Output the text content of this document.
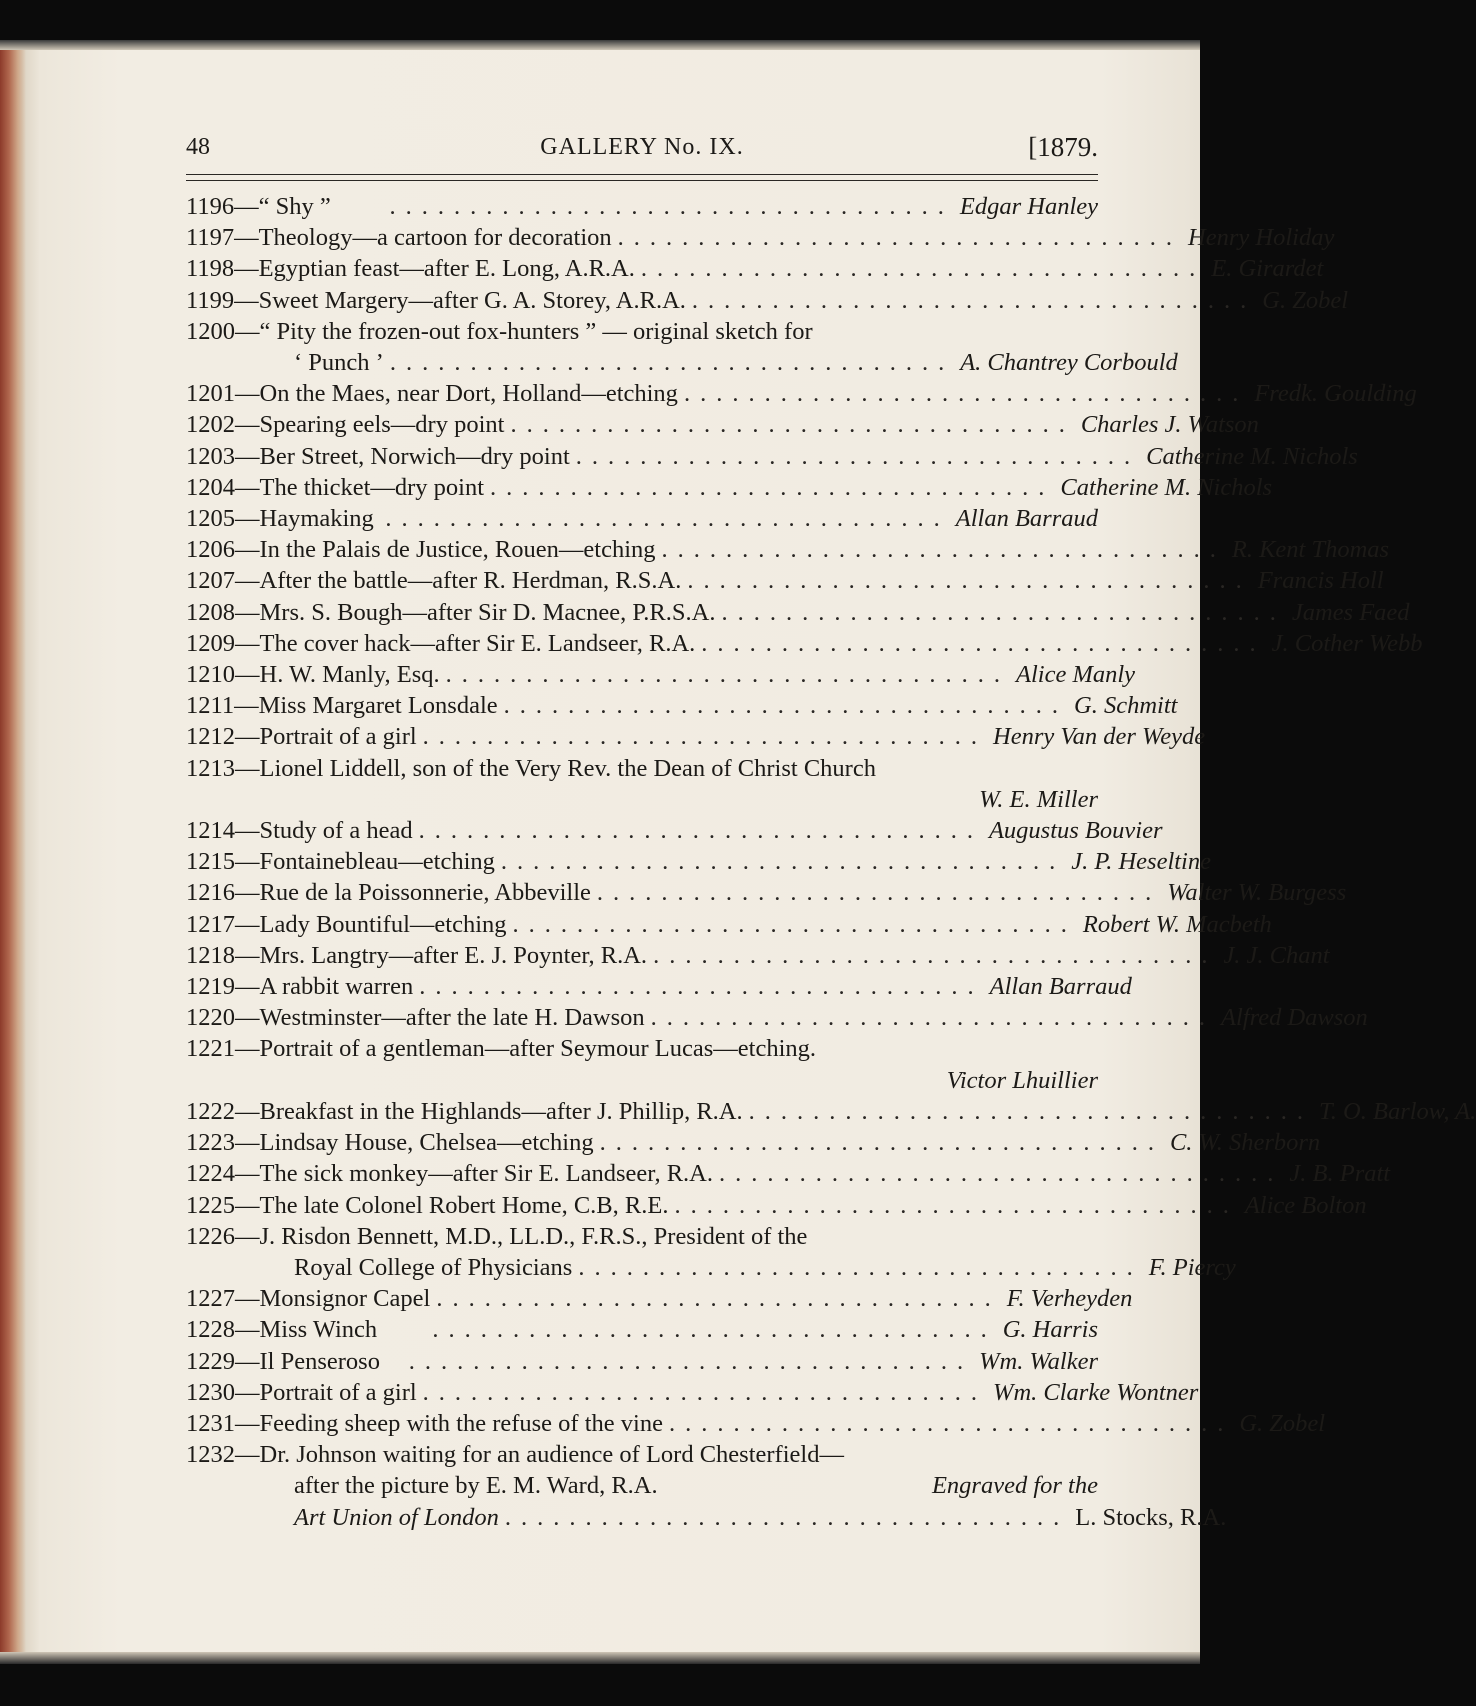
48	GALLERY No. IX.	[1879.
1196—“ Shy ”	................................... Edgar Hanley
1197—Theology—a cartoon for decoration ................................... Henry Holiday
1198—Egyptian feast—after E. Long, A.R.A. ................................... E. Girardet
1199—Sweet Margery—after G. A. Storey, A.R.A. ................................... G. Zobel
1200—“ Pity the frozen-out fox-hunters ” — original sketch for
‘ Punch ’ ................................... A. Chantrey Corbould
1201—On the Maes, near Dort, Holland—etching ................................... Fredk. Goulding
1202—Spearing eels—dry point ................................... Charles J. Watson
1203—Ber Street, Norwich—dry point ................................... Catherine M. Nichols
1204—The thicket—dry point ................................... Catherine M. Nichols
1205—Haymaking ................................... Allan Barraud
1206—In the Palais de Justice, Rouen—etching ................................... R. Kent Thomas
1207—After the battle—after R. Herdman, R.S.A. ................................... Francis Holl
1208—Mrs. S. Bough—after Sir D. Macnee, P.R.S.A. ................................... James Faed
1209—The cover hack—after Sir E. Landseer, R.A. ................................... J. Cother Webb
1210—H. W. Manly, Esq. ................................... Alice Manly
1211—Miss Margaret Lonsdale ................................... G. Schmitt
1212—Portrait of a girl ................................... Henry Van der Weyde
1213—Lionel Liddell, son of the Very Rev. the Dean of Christ Church
W. E. Miller
1214—Study of a head ................................... Augustus Bouvier
1215—Fontainebleau—etching ................................... J. P. Heseltine
1216—Rue de la Poissonnerie, Abbeville ................................... Walter W. Burgess
1217—Lady Bountiful—etching ................................... Robert W. Macbeth
1218—Mrs. Langtry—after E. J. Poynter, R.A. ................................... J. J. Chant
1219—A rabbit warren ................................... Allan Barraud
1220—Westminster—after the late H. Dawson ................................... Alfred Dawson
1221—Portrait of a gentleman—after Seymour Lucas—etching.
Victor Lhuillier
1222—Breakfast in the Highlands—after J. Phillip, R.A. ................................... T. O. Barlow, A.
1223—Lindsay House, Chelsea—etching ................................... C. W. Sherborn
1224—The sick monkey—after Sir E. Landseer, R.A. ................................... J. B. Pratt
1225—The late Colonel Robert Home, C.B, R.E. ................................... Alice Bolton
1226—J. Risdon Bennett, M.D., LL.D., F.R.S., President of the
Royal College of Physicians ................................... F. Piercy
1227—Monsignor Capel ................................... F. Verheyden
1228—Miss Winch	................................... G. Harris
1229—Il Penseroso	................................... Wm. Walker
1230—Portrait of a girl ................................... Wm. Clarke Wontner
1231—Feeding sheep with the refuse of the vine ................................... G. Zobel
1232—Dr. Johnson waiting for an audience of Lord Chesterfield—
after the picture by E. M. Ward, R.A.	Engraved for the
Art Union of London ................................... L. Stocks, R.A.
